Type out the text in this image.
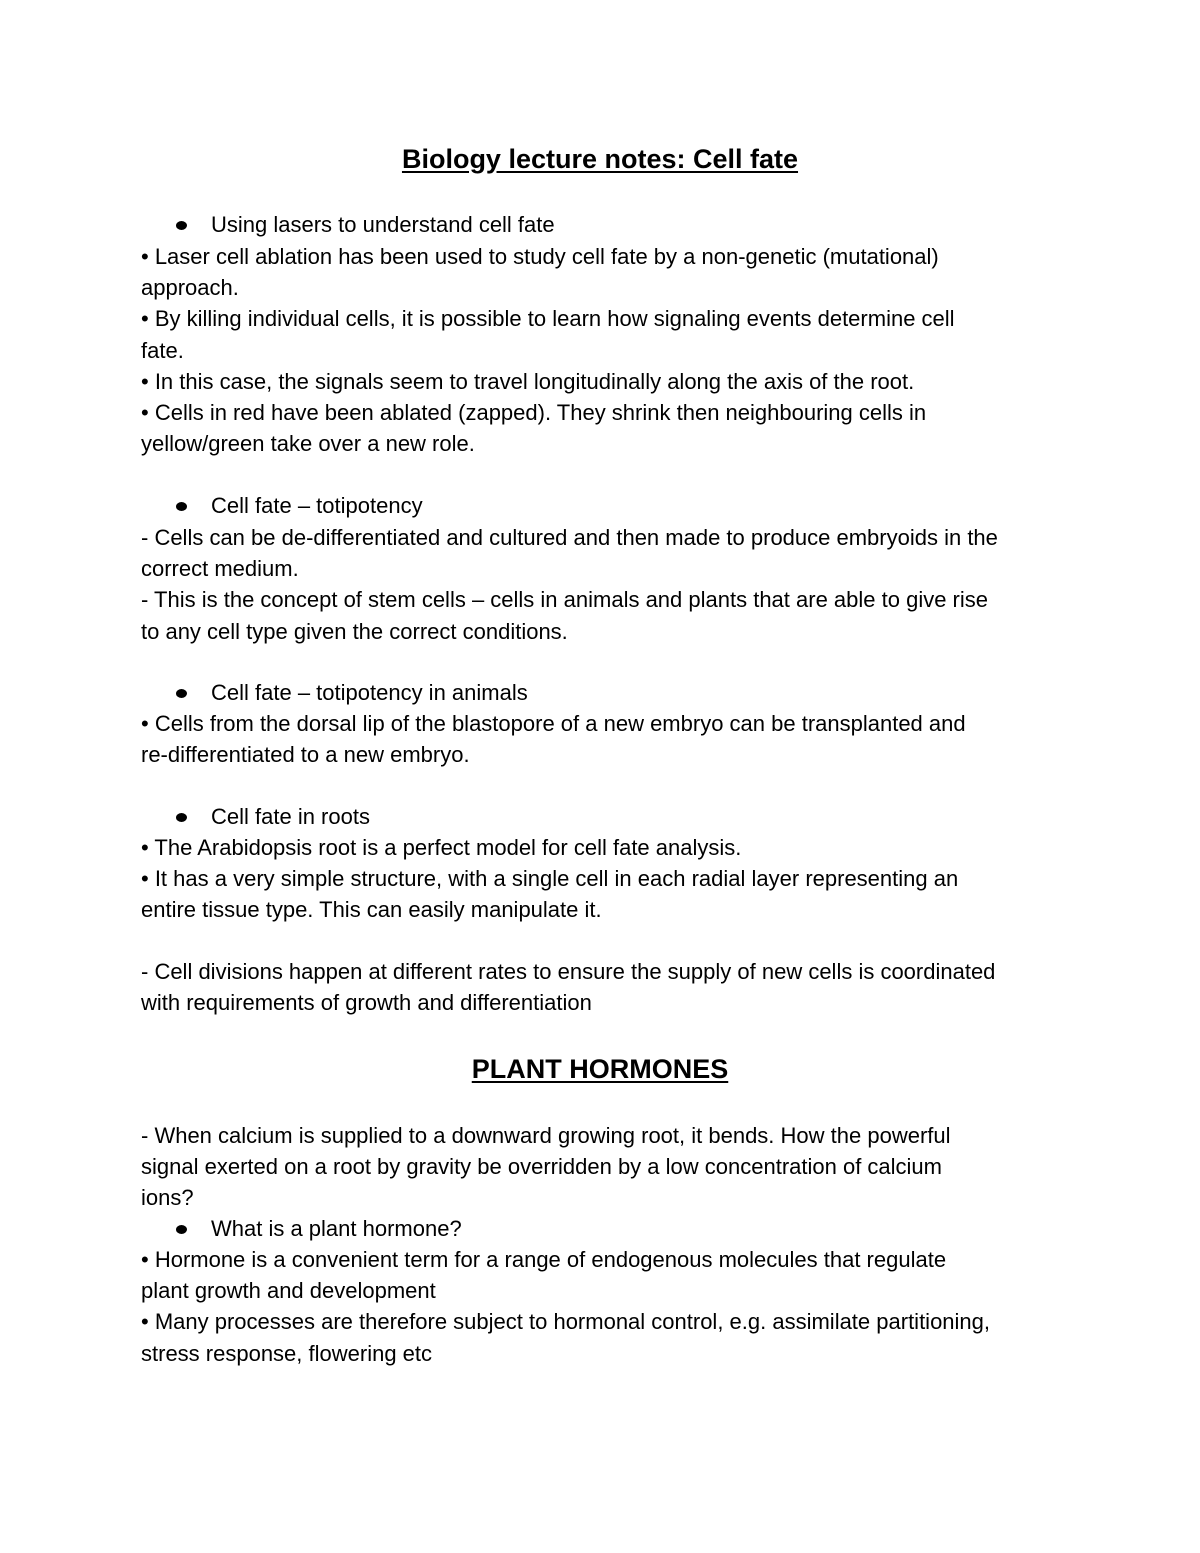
Biology lecture notes: Cell fate
Using lasers to understand cell fate
• Laser cell ablation has been used to study cell fate by a non-genetic (mutational)
approach.
• By killing individual cells, it is possible to learn how signaling events determine cell
fate.
• In this case, the signals seem to travel longitudinally along the axis of the root.
• Cells in red have been ablated (zapped). They shrink then neighbouring cells in
yellow/green take over a new role.
Cell fate – totipotency
- Cells can be de-differentiated and cultured and then made to produce embryoids in the
correct medium.
- This is the concept of stem cells – cells in animals and plants that are able to give rise
to any cell type given the correct conditions.
Cell fate – totipotency in animals
• Cells from the dorsal lip of the blastopore of a new embryo can be transplanted and
re-differentiated to a new embryo.
Cell fate in roots
• The Arabidopsis root is a perfect model for cell fate analysis.
• It has a very simple structure, with a single cell in each radial layer representing an
entire tissue type. This can easily manipulate it.
- Cell divisions happen at different rates to ensure the supply of new cells is coordinated
with requirements of growth and differentiation
PLANT HORMONES
- When calcium is supplied to a downward growing root, it bends. How the powerful
signal exerted on a root by gravity be overridden by a low concentration of calcium
ions?
What is a plant hormone?
• Hormone is a convenient term for a range of endogenous molecules that regulate
plant growth and development
• Many processes are therefore subject to hormonal control, e.g. assimilate partitioning,
stress response, flowering etc
